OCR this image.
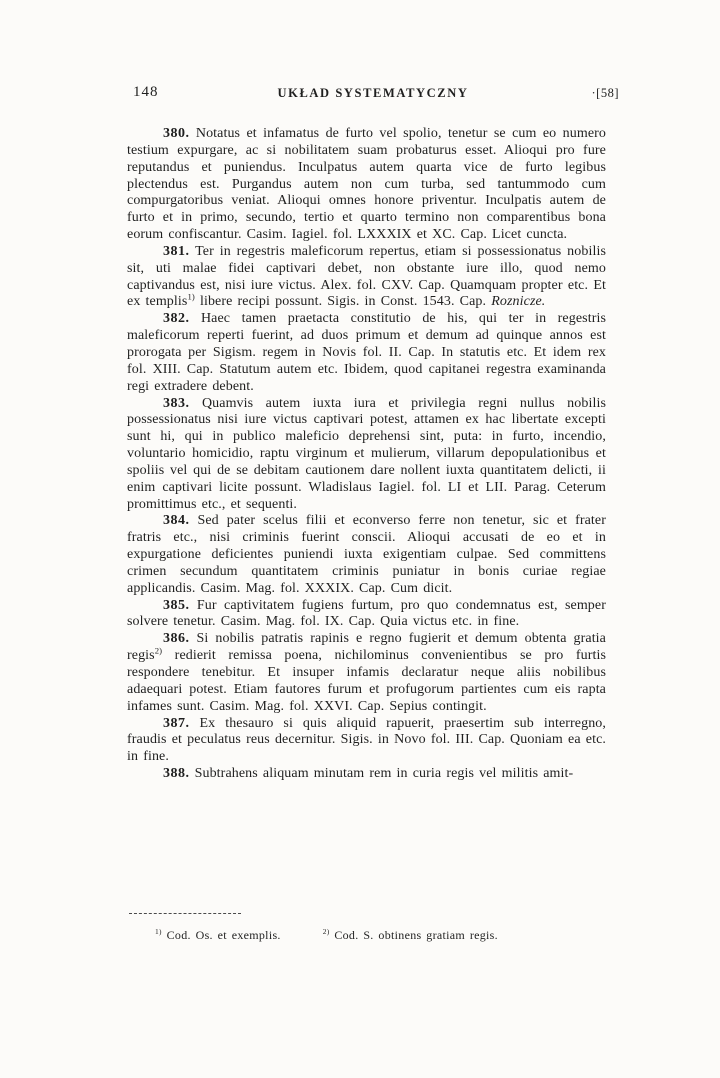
148	UKŁAD SYSTEMATYCZNY	·[58]

380. Notatus et infamatus de furto vel spolio, tenetur se cum eo numero testium expurgare, ac si nobilitatem suam probaturus esset. Alioqui pro fure reputandus et puniendus. Inculpatus autem quarta vice de furto legibus plectendus est. Purgandus autem non cum turba, sed tantummodo cum compurgatoribus veniat. Alioqui omnes honore priventur. Inculpatis autem de furto et in primo, secundo, tertio et quarto termino non comparentibus bona eorum confiscantur. Casim. Iagiel. fol. LXXXIX et XC. Cap. Licet cuncta.

381. Ter in regestris maleficorum repertus, etiam si possessionatus nobilis sit, uti malae fidei captivari debet, non obstante iure illo, quod nemo captivandus est, nisi iure victus. Alex. fol. CXV. Cap. Quamquam propter etc. Et ex templis$^{1)}$ libere recipi possunt. Sigis. in Const. 1543. Cap. Roznicze.

382. Haec tamen praetacta constitutio de his, qui ter in regestris maleficorum reperti fuerint, ad duos primum et demum ad quinque annos est prorogata per Sigism. regem in Novis fol. II. Cap. In statutis etc. Et idem rex fol. XIII. Cap. Statutum autem etc. Ibidem, quod capitanei regestra examinanda regi extradere debent.

383. Quamvis autem iuxta iura et privilegia regni nullus nobilis possessionatus nisi iure victus captivari potest, attamen ex hac libertate excepti sunt hi, qui in publico maleficio deprehensi sint, puta: in furto, incendio, voluntario homicidio, raptu virginum et mulierum, villarum depopulationibus et spoliis vel qui de se debitam cautionem dare nollent iuxta quantitatem delicti, ii enim captivari licite possunt. Wladislaus Iagiel. fol. LI et LII. Parag. Ceterum promittimus etc., et sequenti.

384. Sed pater scelus filii et econverso ferre non tenetur, sic et frater fratris etc., nisi criminis fuerint conscii. Alioqui accusati de eo et in expurgatione deficientes puniendi iuxta exigentiam culpae. Sed committens crimen secundum quantitatem criminis puniatur in bonis curiae regiae applicandis. Casim. Mag. fol. XXXIX. Cap. Cum dicit.

385. Fur captivitatem fugiens furtum, pro quo condemnatus est, semper solvere tenetur. Casim. Mag. fol. IX. Cap. Quia victus etc. in fine.

386. Si nobilis patratis rapinis e regno fugierit et demum obtenta gratia regis$^{2)}$ redierit remissa poena, nichilominus convenientibus se pro furtis respondere tenebitur. Et insuper infamis declaratur neque aliis nobilibus adaequari potest. Etiam fautores furum et profugorum partientes cum eis rapta infames sunt. Casim. Mag. fol. XXVI. Cap. Sepius contingit.

387. Ex thesauro si quis aliquid rapuerit, praesertim sub interregno, fraudis et peculatus reus decernitur. Sigis. in Novo fol. III. Cap. Quoniam ea etc. in fine.

388. Subtrahens aliquam minutam rem in curia regis vel militis amit-

$^{1)}$ Cod. Os. et exemplis.	$^{2)}$ Cod. S. obtinens gratiam regis.
